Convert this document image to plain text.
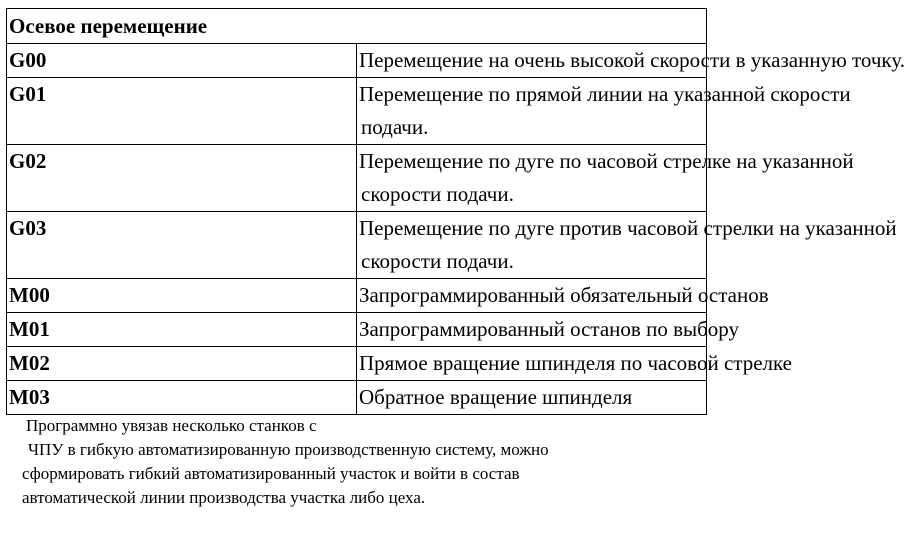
Осевое перемещение	
G00	Перемещение на очень высокой скорости в указанную точку.

G01	Перемещение по прямой линии на указанной скорости
подачи.

G02	Перемещение по дуге по часовой стрелке на указанной
скорости подачи.

G03	Перемещение по дуге против часовой стрелки на указанной
скорости подачи.

M00	Запрограммированный обязательный останов

M01	Запрограммированный останов по выбору

M02	Прямое вращение шпинделя по часовой стрелке

M03	Обратное вращение шпинделя
Программно увязав несколько станков с
ЧПУ в гибкую автоматизированную производственную систему, можно
сформировать гибкий автоматизированный участок и войти в состав
автоматической линии производства участка либо цеха.
